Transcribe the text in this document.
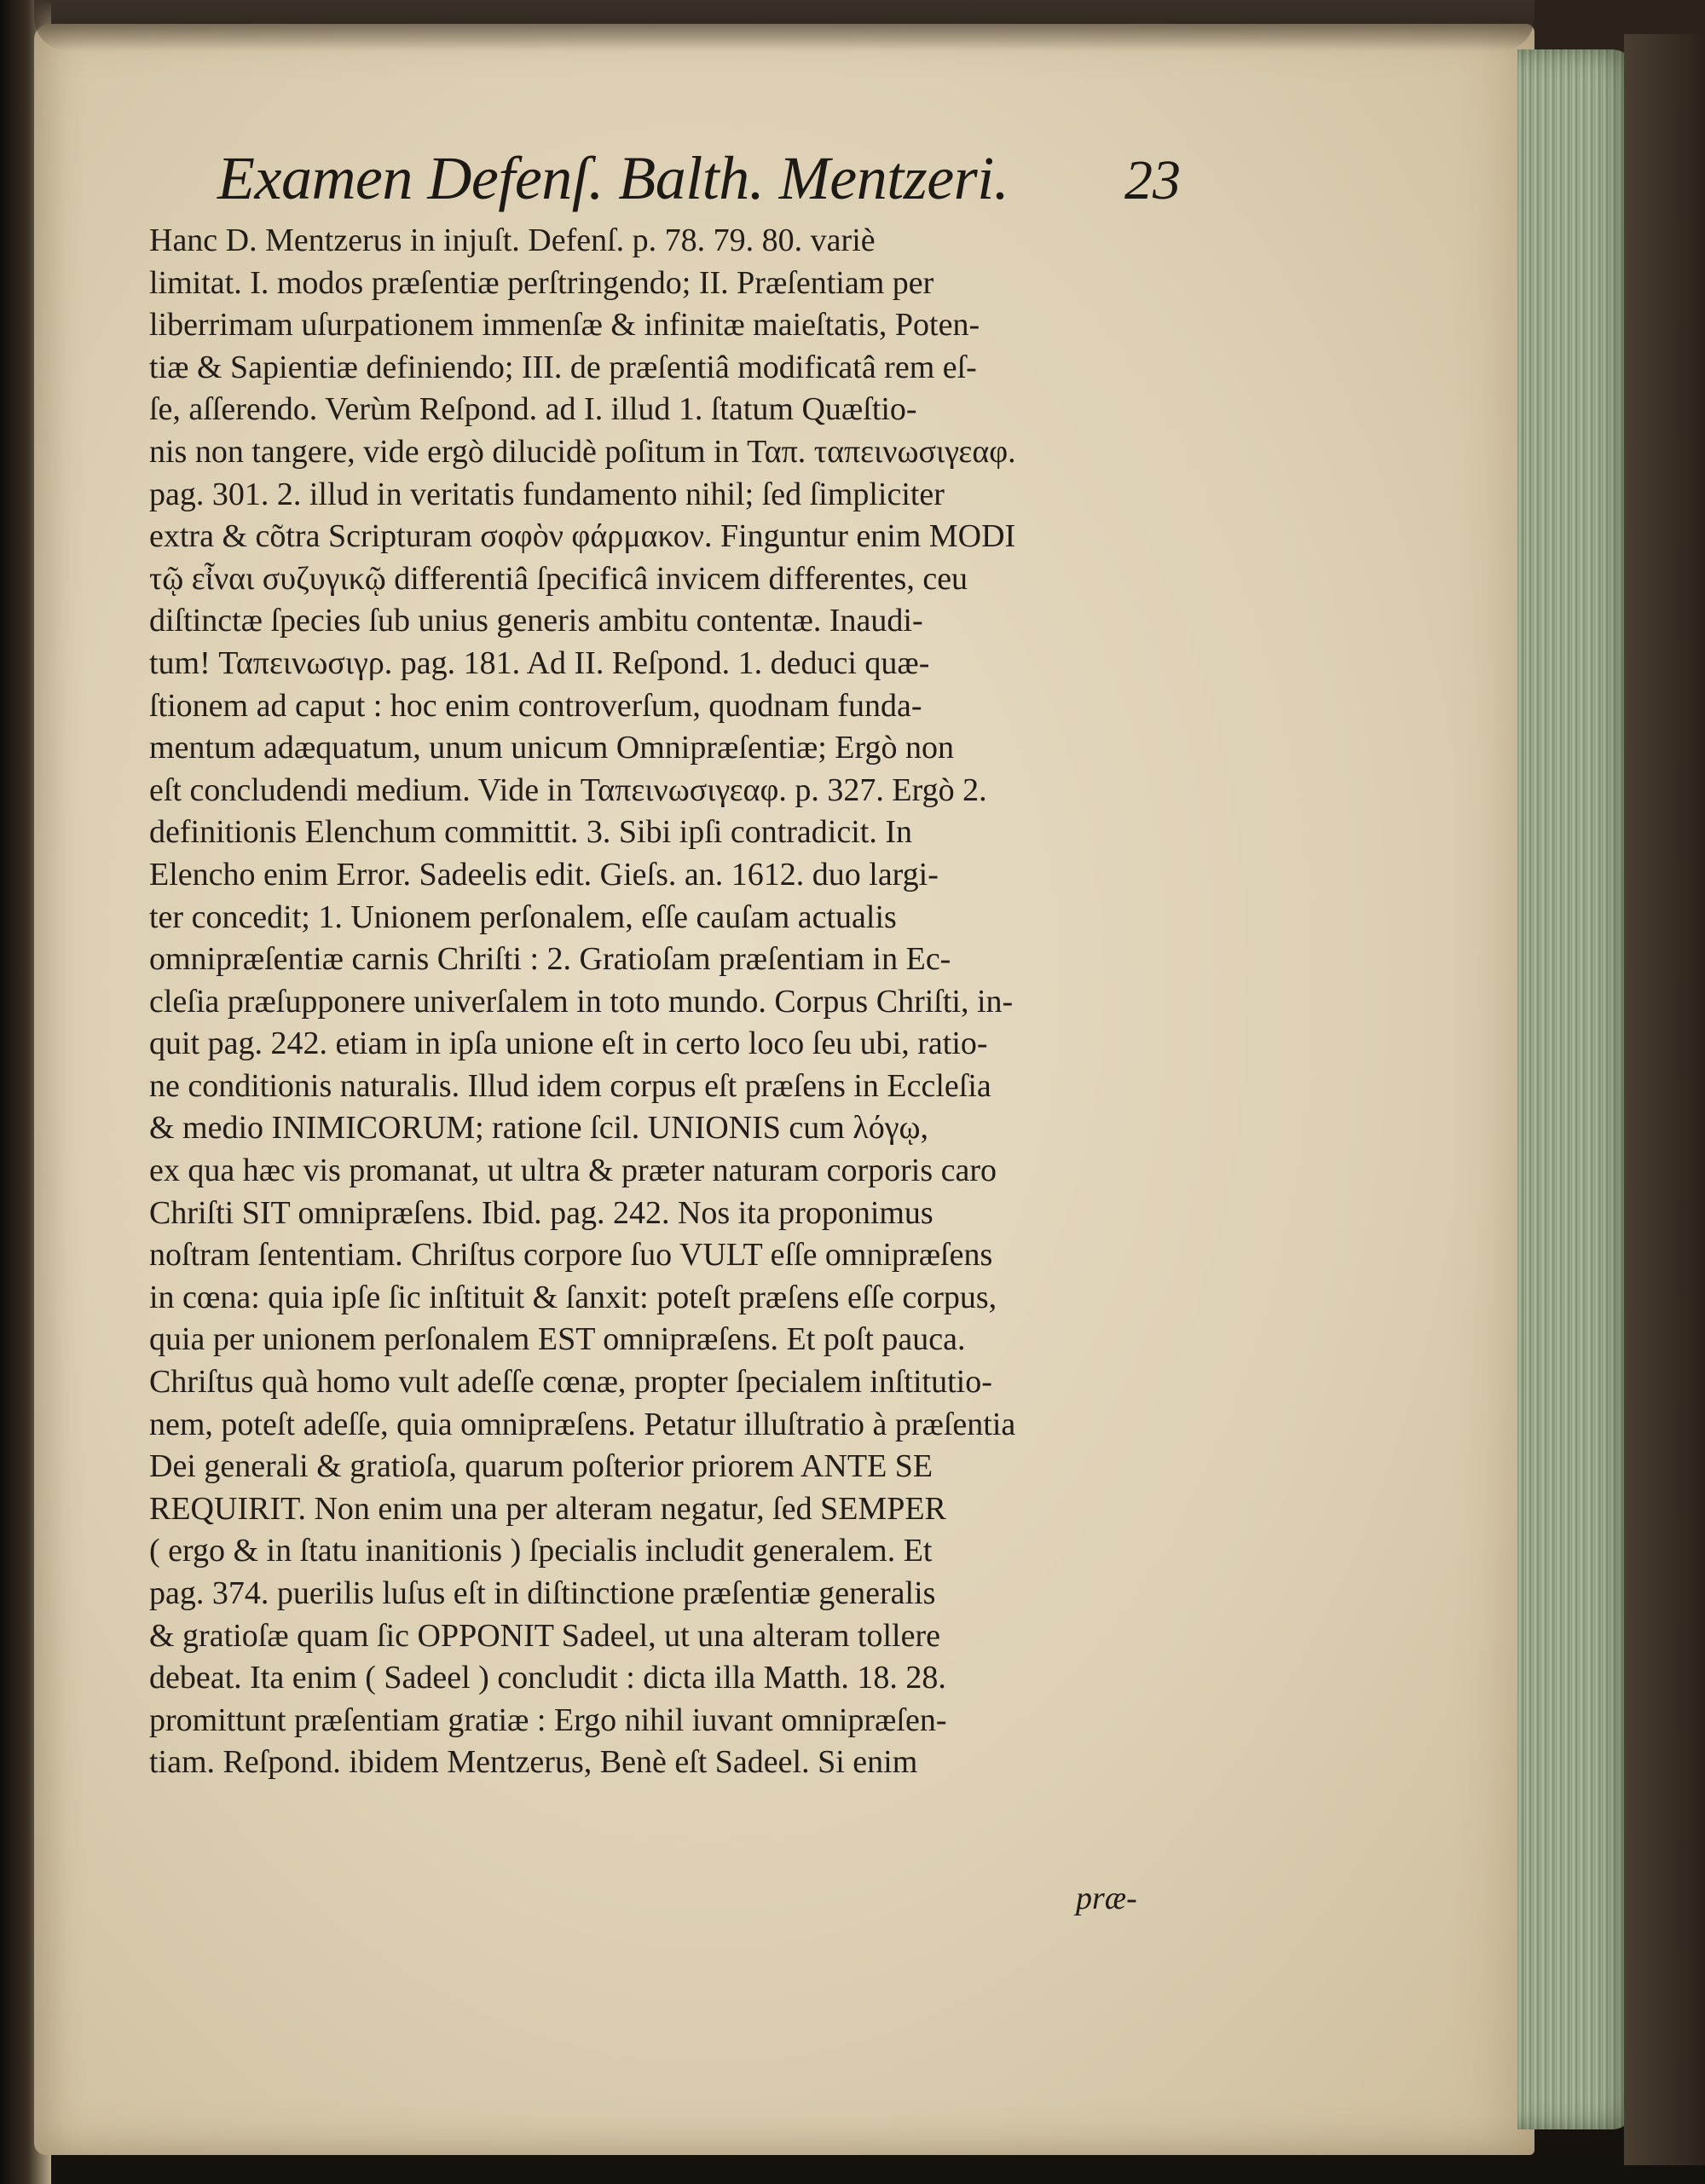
Examen Defenſ. Balth. Mentzeri. 23
Hanc D. Mentzerus in injuſt. Defenſ. p. 78. 79. 80. variè
limitat. I. modos præſentiæ perſtringendo; II. Præſentiam per
liberrimam uſurpationem immenſæ & infinitæ maieſtatis, Poten-
tiæ & Sapientiæ definiendo; III. de præſentiâ modificatâ rem eſ-
ſe, aſſerendo. Verùm Reſpond. ad I. illud 1. ſtatum Quæſtio-
nis non tangere, vide ergò dilucidè poſitum in Ταπ. ταπεινωσιγεαφ.
pag. 301. 2. illud in veritatis fundamento nihil; ſed ſimpliciter
extra & cõtra Scripturam σοφὸν φάρμακον. Finguntur enim MODI
τῷ εἶναι συζυγικῷ differentiâ ſpecificâ invicem differentes, ceu
diſtinctæ ſpecies ſub unius generis ambitu contentæ. Inaudi-
tum! Ταπεινωσιγρ. pag. 181. Ad II. Reſpond. 1. deduci quæ-
ſtionem ad caput : hoc enim controverſum, quodnam funda-
mentum adæquatum, unum unicum Omnipræſentiæ; Ergò non
eſt concludendi medium. Vide in Ταπεινωσιγεαφ. p. 327. Ergò 2.
definitionis Elenchum committit. 3. Sibi ipſi contradicit. In
Elencho enim Error. Sadeelis edit. Gieſs. an. 1612. duo largi-
ter concedit; 1. Unionem perſonalem, eſſe cauſam actualis
omnipræſentiæ carnis Chriſti : 2. Gratioſam præſentiam in Ec-
cleſia præſupponere univerſalem in toto mundo. Corpus Chriſti, in-
quit pag. 242. etiam in ipſa unione eſt in certo loco ſeu ubi, ratio-
ne conditionis naturalis. Illud idem corpus eſt præſens in Eccleſia
& medio INIMICORUM; ratione ſcil. UNIONIS cum λόγῳ,
ex qua hæc vis promanat, ut ultra & præter naturam corporis caro
Chriſti SIT omnipræſens. Ibid. pag. 242. Nos ita proponimus
noſtram ſententiam. Chriſtus corpore ſuo VULT eſſe omnipræſens
in cœna: quia ipſe ſic inſtituit & ſanxit: poteſt præſens eſſe corpus,
quia per unionem perſonalem EST omnipræſens. Et poſt pauca.
Chriſtus quà homo vult adeſſe cœnæ, propter ſpecialem inſtitutio-
nem, poteſt adeſſe, quia omnipræſens. Petatur illuſtratio à præſentia
Dei generali & gratioſa, quarum poſterior priorem ANTE SE
REQUIRIT. Non enim una per alteram negatur, ſed SEMPER
( ergo & in ſtatu inanitionis ) ſpecialis includit generalem. Et
pag. 374. puerilis luſus eſt in diſtinctione præſentiæ generalis
& gratioſæ quam ſic OPPONIT Sadeel, ut una alteram tollere
debeat. Ita enim ( Sadeel ) concludit : dicta illa Matth. 18. 28.
promittunt præſentiam gratiæ : Ergo nihil iuvant omnipræſen-
tiam. Reſpond. ibidem Mentzerus, Benè eſt Sadeel. Si enim
præ-
